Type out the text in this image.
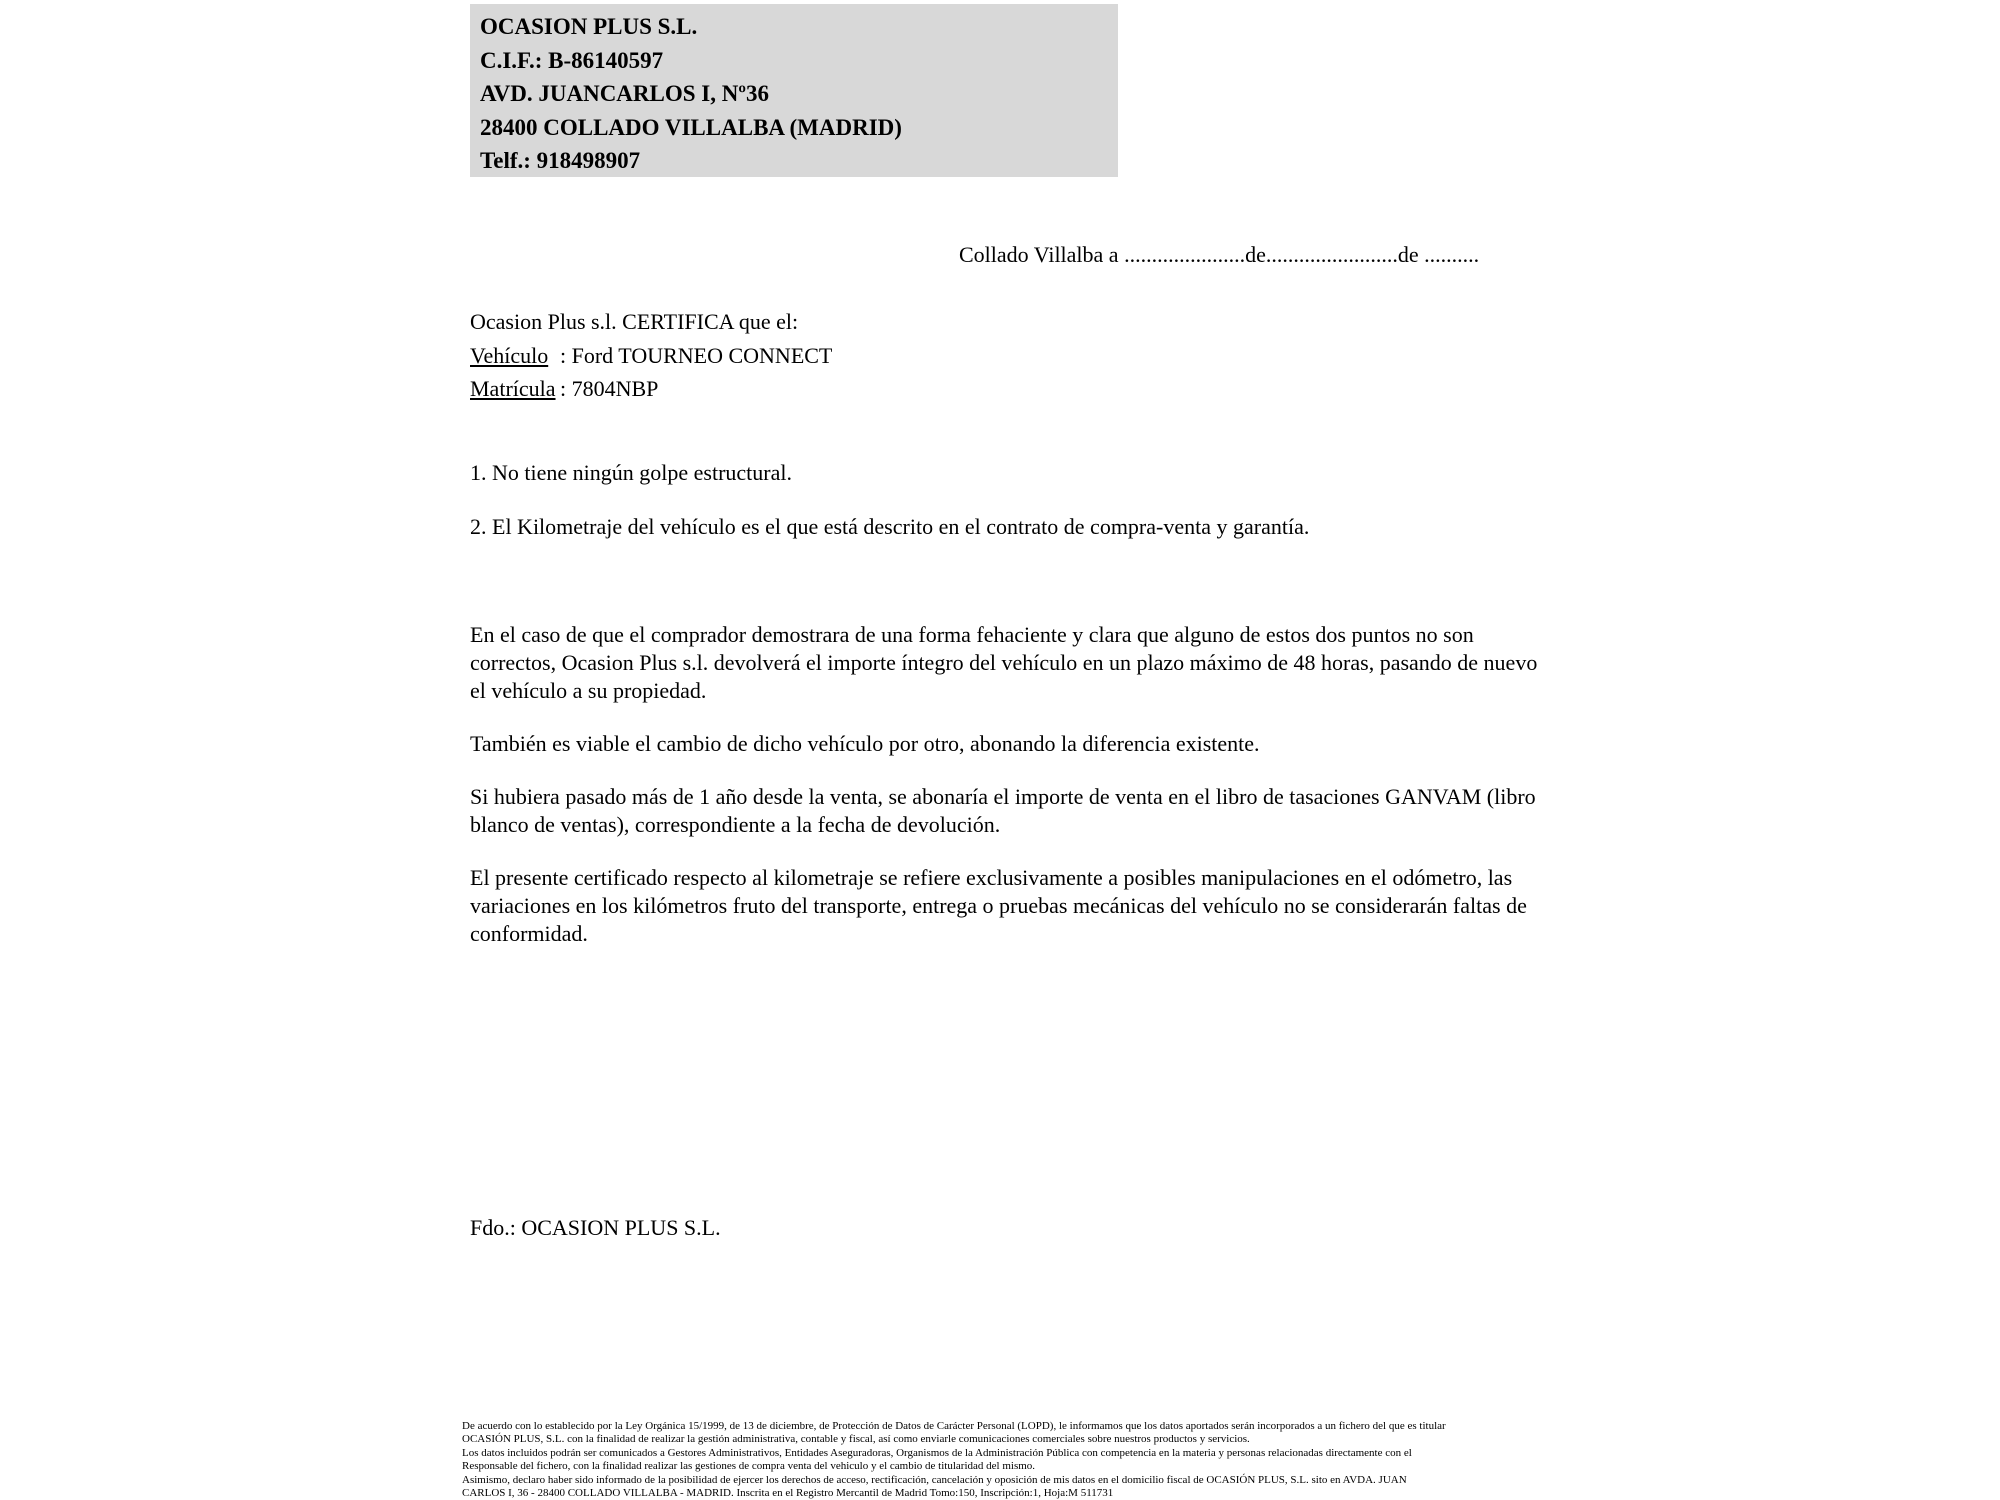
OCASION PLUS S.L.
C.I.F.: B-86140597
AVD. JUANCARLOS I, Nº36
28400 COLLADO VILLALBA (MADRID)
Telf.: 918498907
Collado Villalba a ......................de........................de ..........
Ocasion Plus s.l. CERTIFICA que el:
Vehículo : Ford TOURNEO CONNECT
Matrícula : 7804NBP
1. No tiene ningún golpe estructural.
2. El Kilometraje del vehículo es el que está descrito en el contrato de compra-venta y garantía.

En el caso de que el comprador demostrara de una forma fehaciente y clara que alguno de estos dos puntos no son correctos, Ocasion Plus s.l. devolverá el importe íntegro del vehículo en un plazo máximo de 48 horas, pasando de nuevo el vehículo a su propiedad.

También es viable el cambio de dicho vehículo por otro, abonando la diferencia existente.

Si hubiera pasado más de 1 año desde la venta, se abonaría el importe de venta en el libro de tasaciones GANVAM (libro blanco de ventas), correspondiente a la fecha de devolución.

El presente certificado respecto al kilometraje se refiere exclusivamente a posibles manipulaciones en el odómetro, las variaciones en los kilómetros fruto del transporte, entrega o pruebas mecánicas del vehículo no se considerarán faltas de conformidad.

Fdo.: OCASION PLUS S.L.
De acuerdo con lo establecido por la Ley Orgánica 15/1999, de 13 de diciembre, de Protección de Datos de Carácter Personal (LOPD), le informamos que los datos aportados serán incorporados a un fichero del que es titular
OCASIÓN PLUS, S.L. con la finalidad de realizar la gestión administrativa, contable y fiscal, así como enviarle comunicaciones comerciales sobre nuestros productos y servicios.
Los datos incluidos podrán ser comunicados a Gestores Administrativos, Entidades Aseguradoras, Organismos de la Administración Pública con competencia en la materia y personas relacionadas directamente con el
Responsable del fichero, con la finalidad realizar las gestiones de compra venta del vehiculo y el cambio de titularidad del mismo.
Asimismo, declaro haber sido informado de la posibilidad de ejercer los derechos de acceso, rectificación, cancelación y oposición de mis datos en el domicilio fiscal de OCASIÓN PLUS, S.L. sito en AVDA. JUAN
CARLOS I, 36 - 28400 COLLADO VILLALBA - MADRID. Inscrita en el Registro Mercantil de Madrid Tomo:150, Inscripción:1, Hoja:M 511731
